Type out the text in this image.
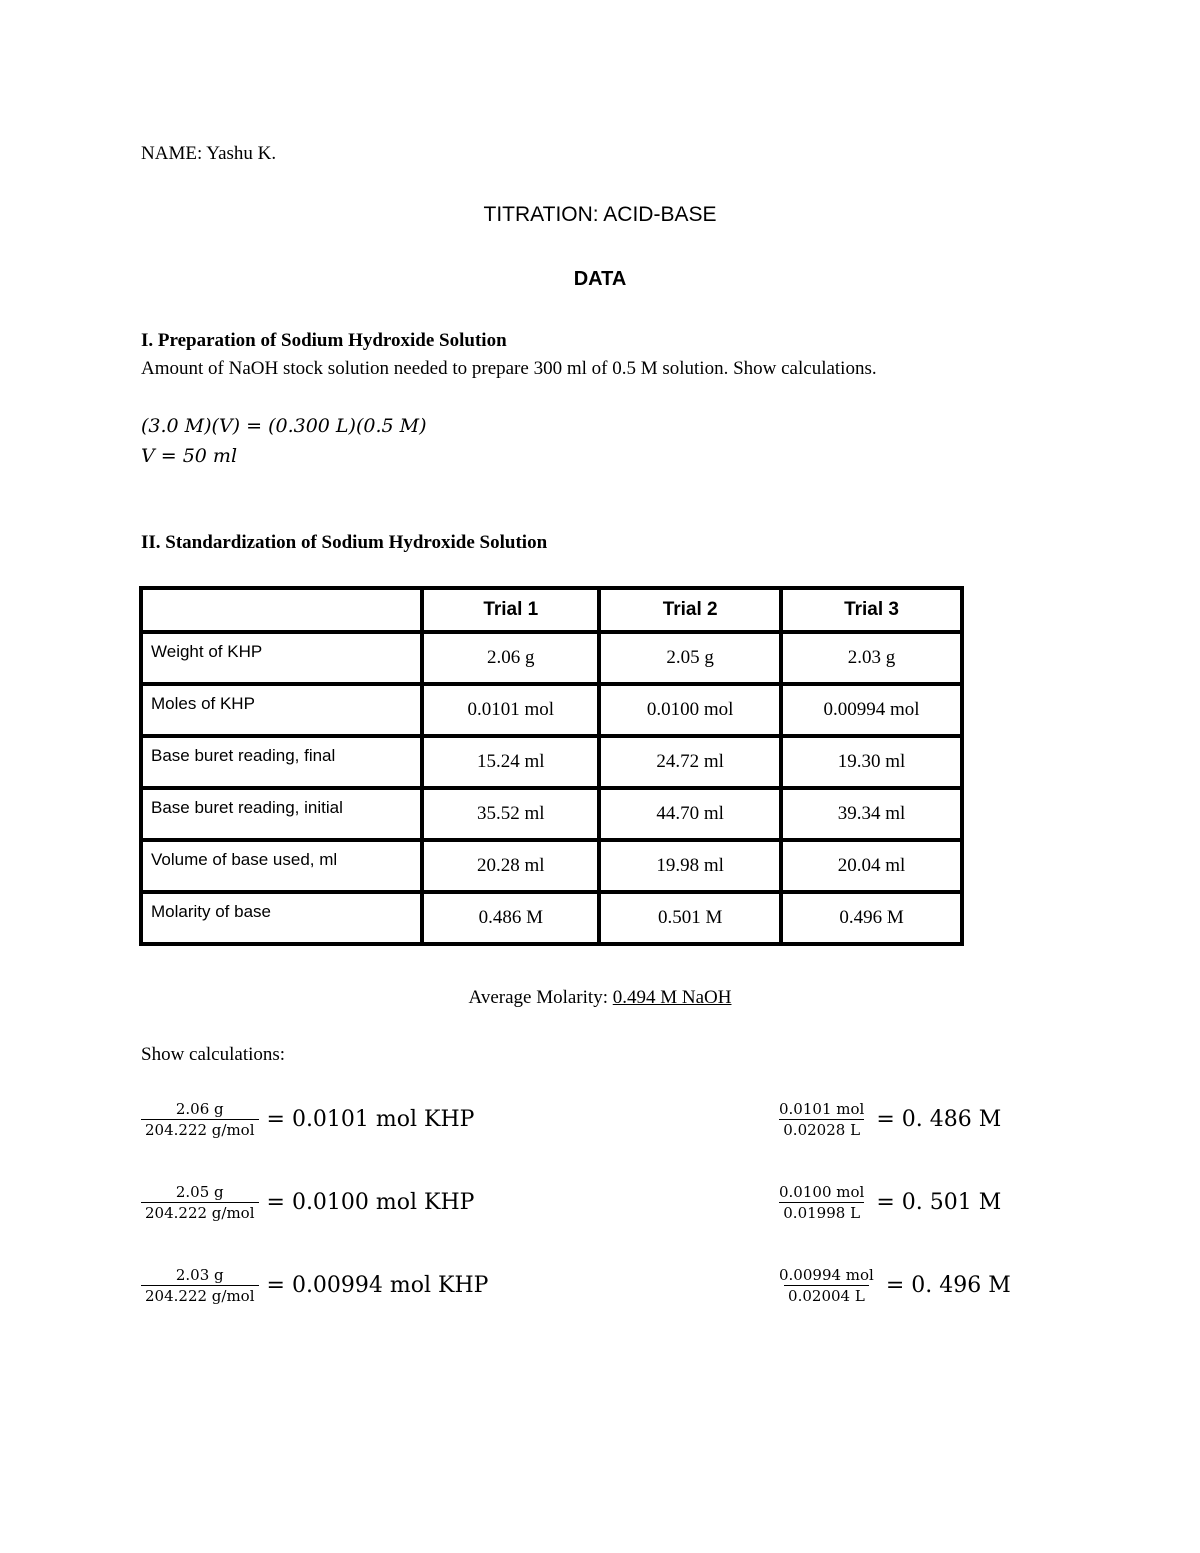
NAME: Yashu K.
TITRATION: ACID-BASE
DATA
I. Preparation of Sodium Hydroxide Solution
Amount of NaOH stock solution needed to prepare 300 ml of 0.5 M solution. Show calculations.
(3.0 M)(V) = (0.300 L)(0.5 M)
V = 50 ml
II. Standardization of Sodium Hydroxide Solution
	Trial 1	Trial 2	Trial 3
Weight of KHP	2.06 g	2.05 g	2.03 g
Moles of KHP	0.0101 mol	0.0100 mol	0.00994 mol
Base buret reading, final	15.24 ml	24.72 ml	19.30 ml
Base buret reading, initial	35.52 ml	44.70 ml	39.34 ml
Volume of base used, ml	20.28 ml	19.98 ml	20.04 ml
Molarity of base	0.486 M	0.501 M	0.496 M
Average Molarity: 0.494 M NaOH
Show calculations:
$\frac{2.06 g}{\text{204.222 g/mol}} = 0.0101$ mol KHP
$\frac{2.05 g}{\text{204.222 g/mol}} = 0.0100$ mol KHP
$\frac{2.03 g}{\text{204.222 g/mol}} = 0.00994$ mol KHP
$\frac{\text{0.0101 mol}}{0.02028 L} = 0$. 486 M
$\frac{\text{0.0100 mol}}{0.01998 L} = 0$. 501 M
$\frac{\text{0.00994 mol}}{0.02004 L} = 0$. 496 M
